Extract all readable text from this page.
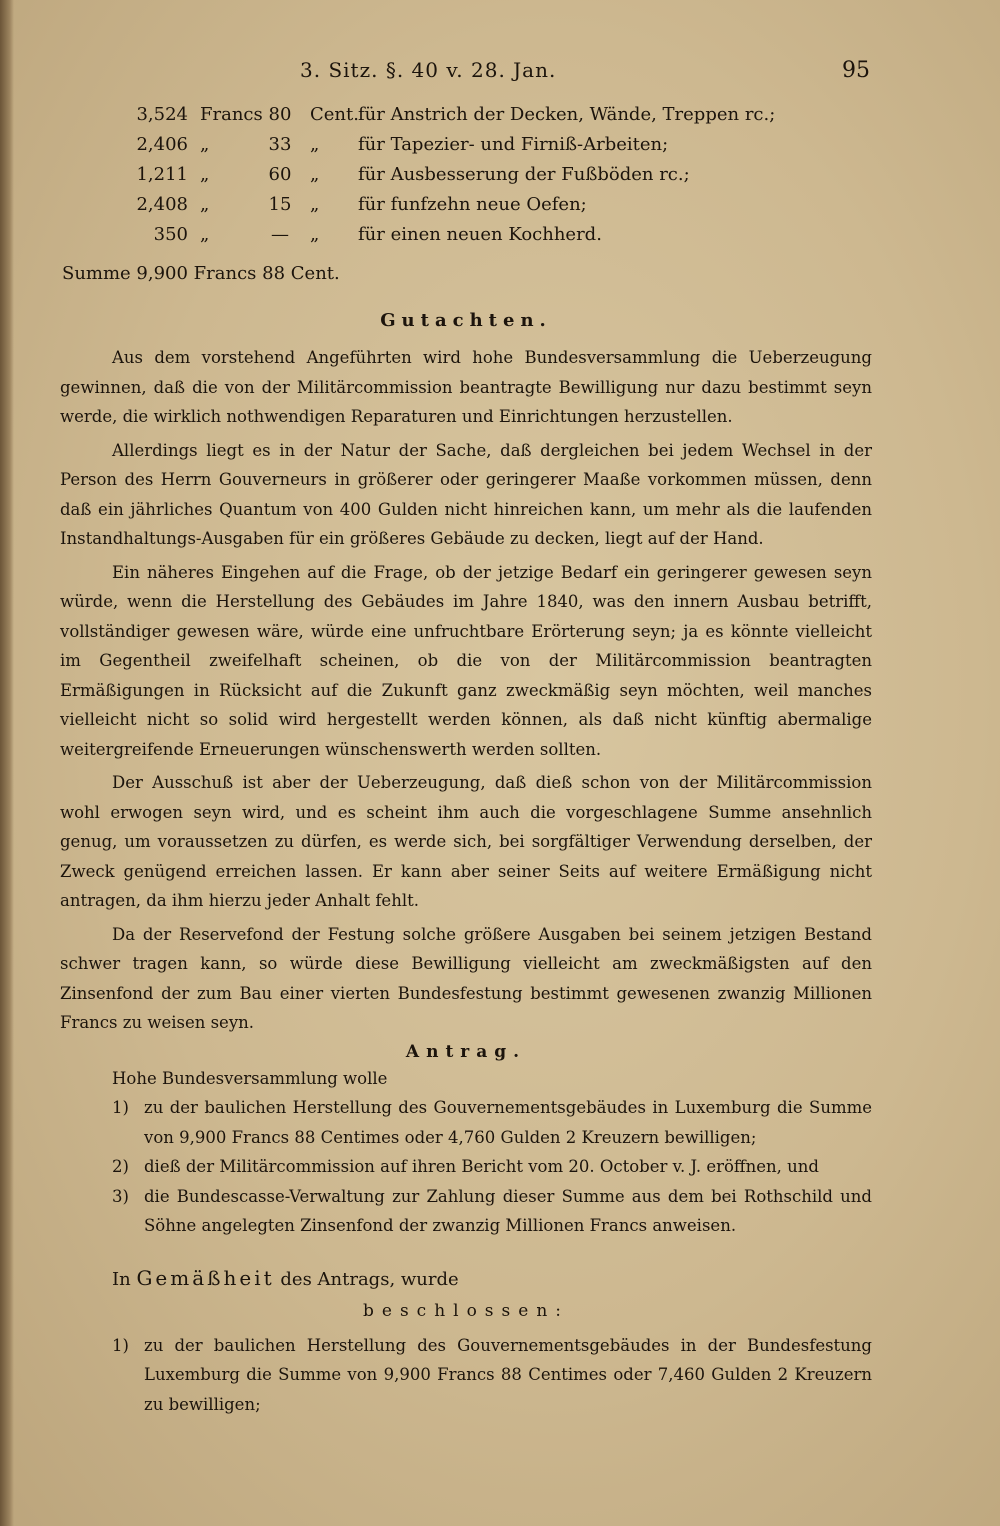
3. Sitz. §. 40 v. 28. Jan.	95
3,524 Francs 80	Cent. für Anstrich der Decken, Wände, Treppen rc.;
2,406 „	33	„	für Tapezier- und Firniß-Arbeiten;
1,211 „	60	„	für Ausbesserung der Fußböden rc.;
2,408 „	15	„	für funfzehn neue Oefen;
350 „	—	„	für einen neuen Kochherd.
Summe 9,900 Francs 88 Cent.
Gutachten.

Aus dem vorstehend Angeführten wird hohe Bundesversammlung die Ueberzeugung gewinnen, daß die von der Militärcommission beantragte Bewilligung nur dazu bestimmt seyn werde, die wirklich nothwendigen Reparaturen und Einrichtungen herzustellen.

Allerdings liegt es in der Natur der Sache, daß dergleichen bei jedem Wechsel in der Person des Herrn Gouverneurs in größerer oder geringerer Maaße vorkommen müssen, denn daß ein jährliches Quantum von 400 Gulden nicht hinreichen kann, um mehr als die laufenden Instandhaltungs-Ausgaben für ein größeres Gebäude zu decken, liegt auf der Hand.

Ein näheres Eingehen auf die Frage, ob der jetzige Bedarf ein geringerer gewesen seyn würde, wenn die Herstellung des Gebäudes im Jahre 1840, was den innern Ausbau betrifft, vollständiger gewesen wäre, würde eine unfruchtbare Erörterung seyn; ja es könnte vielleicht im Gegentheil zweifelhaft scheinen, ob die von der Militärcommission beantragten Ermäßigungen in Rücksicht auf die Zukunft ganz zweckmäßig seyn möchten, weil manches vielleicht nicht so solid wird hergestellt werden können, als daß nicht künftig abermalige weitergreifende Erneuerungen wünschenswerth werden sollten.

Der Ausschuß ist aber der Ueberzeugung, daß dieß schon von der Militärcommission wohl erwogen seyn wird, und es scheint ihm auch die vorgeschlagene Summe ansehnlich genug, um voraussetzen zu dürfen, es werde sich, bei sorgfältiger Verwendung derselben, der Zweck genügend erreichen lassen. Er kann aber seiner Seits auf weitere Ermäßigung nicht antragen, da ihm hierzu jeder Anhalt fehlt.

Da der Reservefond der Festung solche größere Ausgaben bei seinem jetzigen Bestand schwer tragen kann, so würde diese Bewilligung vielleicht am zweckmäßigsten auf den Zinsenfond der zum Bau einer vierten Bundesfestung bestimmt gewesenen zwanzig Millionen Francs zu weisen seyn.

Antrag.

Hohe Bundesversammlung wolle

1) zu der baulichen Herstellung des Gouvernementsgebäudes in Luxemburg die Summe von 9,900 Francs 88 Centimes oder 4,760 Gulden 2 Kreuzern bewilligen;
2) dieß der Militärcommission auf ihren Bericht vom 20. October v. J. eröffnen, und
3) die Bundescasse-Verwaltung zur Zahlung dieser Summe aus dem bei Rothschild und Söhne angelegten Zinsenfond der zwanzig Millionen Francs anweisen.

In Gemäßheit des Antrags, wurde

beschlossen:

1) zu der baulichen Herstellung des Gouvernementsgebäudes in der Bundesfestung Luxemburg die Summe von 9,900 Francs 88 Centimes oder 7,460 Gulden 2 Kreuzern zu bewilligen;
